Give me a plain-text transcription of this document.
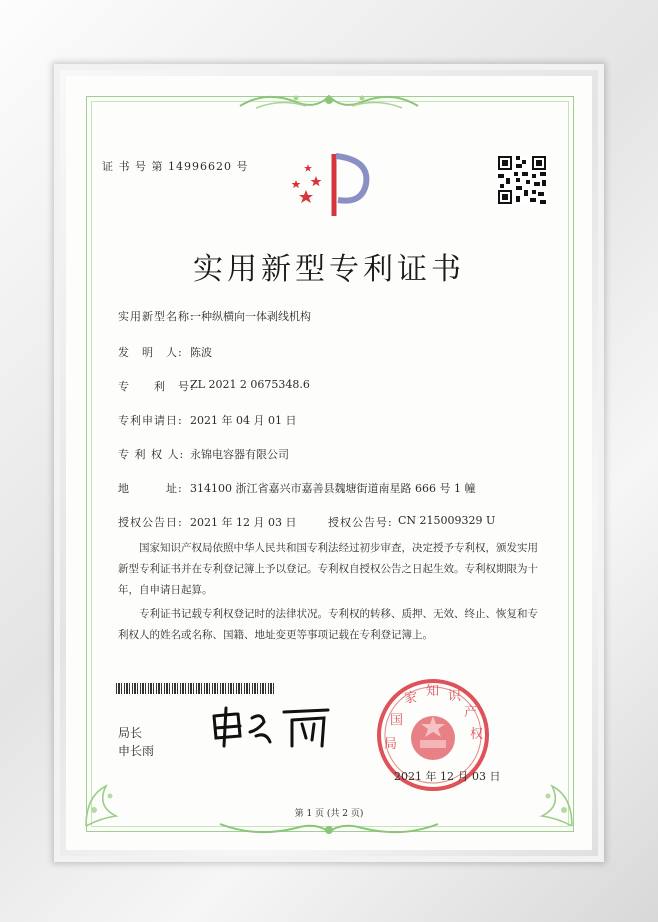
证 书 号 第 14996620 号
实用新型专利证书
实用新型名称:
一种纵横向一体剥线机构
发　明　人: 陈波
专　　利　号:
ZL 2021 2 0675348.6
专利申请日: 2021 年 04 月 01 日
专 利 权 人: 永锦电容器有限公司
地　　　址: 314100 浙江省嘉兴市嘉善县魏塘街道南星路 666 号 1 幢
授权公告日: 2021 年 12 月 03 日	授权公告号: CN 215009329 U
国家知识产权局依照中华人民共和国专利法经过初步审查，决定授予专利权，颁发实用新型专利证书并在专利登记簿上予以登记。专利权自授权公告之日起生效。专利权期限为十年，自申请日起算。
专利证书记载专利权登记时的法律状况。专利权的转移、质押、无效、终止、恢复和专利权人的姓名或名称、国籍、地址变更等事项记载在专利登记簿上。
局长
申长雨
国
家 知 识
产
权
局
2021 年 12 月 03 日
第 1 页 (共 2 页)
